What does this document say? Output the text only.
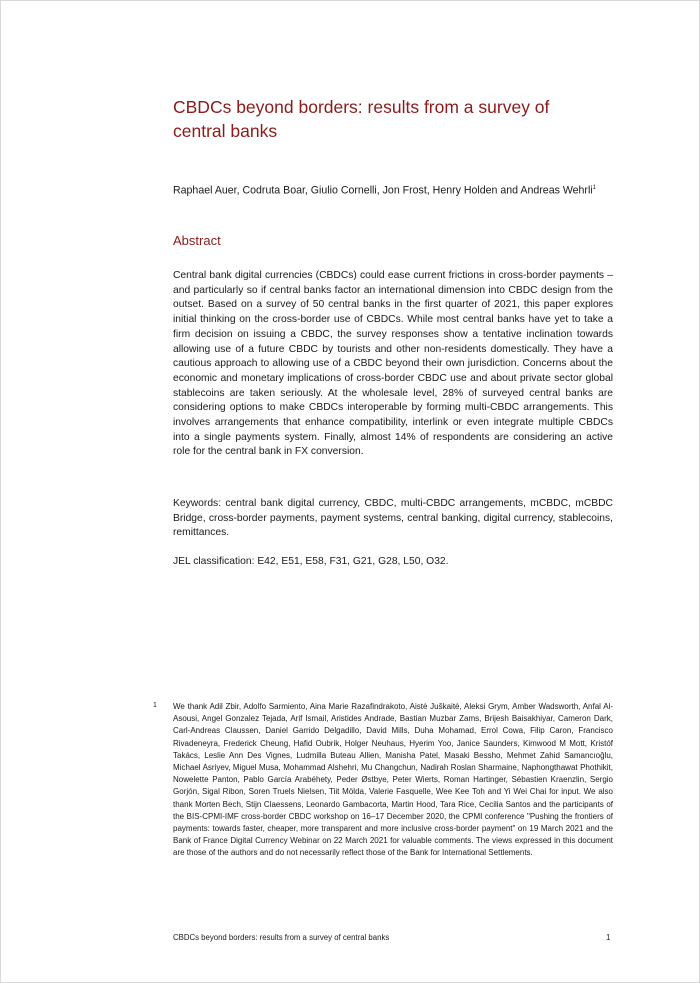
CBDCs beyond borders: results from a survey of central banks
Raphael Auer, Codruta Boar, Giulio Cornelli, Jon Frost, Henry Holden and Andreas Wehrli$^1$
Abstract

Central bank digital currencies (CBDCs) could ease current frictions in cross-border payments – and particularly so if central banks factor an international dimension into CBDC design from the outset. Based on a survey of 50 central banks in the first quarter of 2021, this paper explores initial thinking on the cross-border use of CBDCs. While most central banks have yet to take a firm decision on issuing a CBDC, the survey responses show a tentative inclination towards allowing use of a future CBDC by tourists and other non-residents domestically. They have a cautious approach to allowing use of a CBDC beyond their own jurisdiction. Concerns about the economic and monetary implications of cross-border CBDC use and about private sector global stablecoins are taken seriously. At the wholesale level, 28% of surveyed central banks are considering options to make CBDCs interoperable by forming multi-CBDC arrangements. This involves arrangements that enhance compatibility, interlink or even integrate multiple CBDCs into a single payments system. Finally, almost 14% of respondents are considering an active role for the central bank in FX conversion.

Keywords: central bank digital currency, CBDC, multi-CBDC arrangements, mCBDC, mCBDC Bridge, cross-border payments, payment systems, central banking, digital currency, stablecoins, remittances.

JEL classification: E42, E51, E58, F31, G21, G28, L50, O32.

1 We thank Adil Zbir, Adolfo Sarmiento, Aina Marie Razafindrakoto, Aistė Juškaitė, Aleksi Grym, Amber Wadsworth, Anfal Al-Asousi, Angel Gonzalez Tejada, Arif Ismail, Aristides Andrade, Bastian Muzbar Zams, Brijesh Baisakhiyar, Cameron Dark, Carl-Andreas Claussen, Daniel Garrido Delgadillo, David Mills, Duha Mohamad, Errol Cowa, Filip Caron, Francisco Rivadeneyra, Frederick Cheung, Hafid Oubrik, Holger Neuhaus, Hyerim Yoo, Janice Saunders, Kimwood M Mott, Kristóf Takács, Leslie Ann Des Vignes, Ludmilla Buteau Allien, Manisha Patel, Masaki Bessho, Mehmet Zahid Samancıoğlu, Michael Asriyev, Miguel Musa, Mohammad Alshehri, Mu Changchun, Nadirah Roslan Sharmaine, Naphongthawat Phothikit, Nowelette Panton, Pablo García Arabéhety, Peder Østbye, Peter Wierts, Roman Hartinger, Sébastien Kraenzlin, Sergio Gorjón, Sigal Ribon, Soren Truels Nielsen, Tiit Mölda, Valerie Fasquelle, Wee Kee Toh and Yi Wei Chai for input. We also thank Morten Bech, Stijn Claessens, Leonardo Gambacorta, Martin Hood, Tara Rice, Cecilia Santos and the participants of the BIS-CPMI-IMF cross-border CBDC workshop on 16–17 December 2020, the CPMI conference "Pushing the frontiers of payments: towards faster, cheaper, more transparent and more inclusive cross-border payment" on 19 March 2021 and the Bank of France Digital Currency Webinar on 22 March 2021 for valuable comments. The views expressed in this document are those of the authors and do not necessarily reflect those of the Bank for International Settlements.
CBDCs beyond borders: results from a survey of central banks	1
